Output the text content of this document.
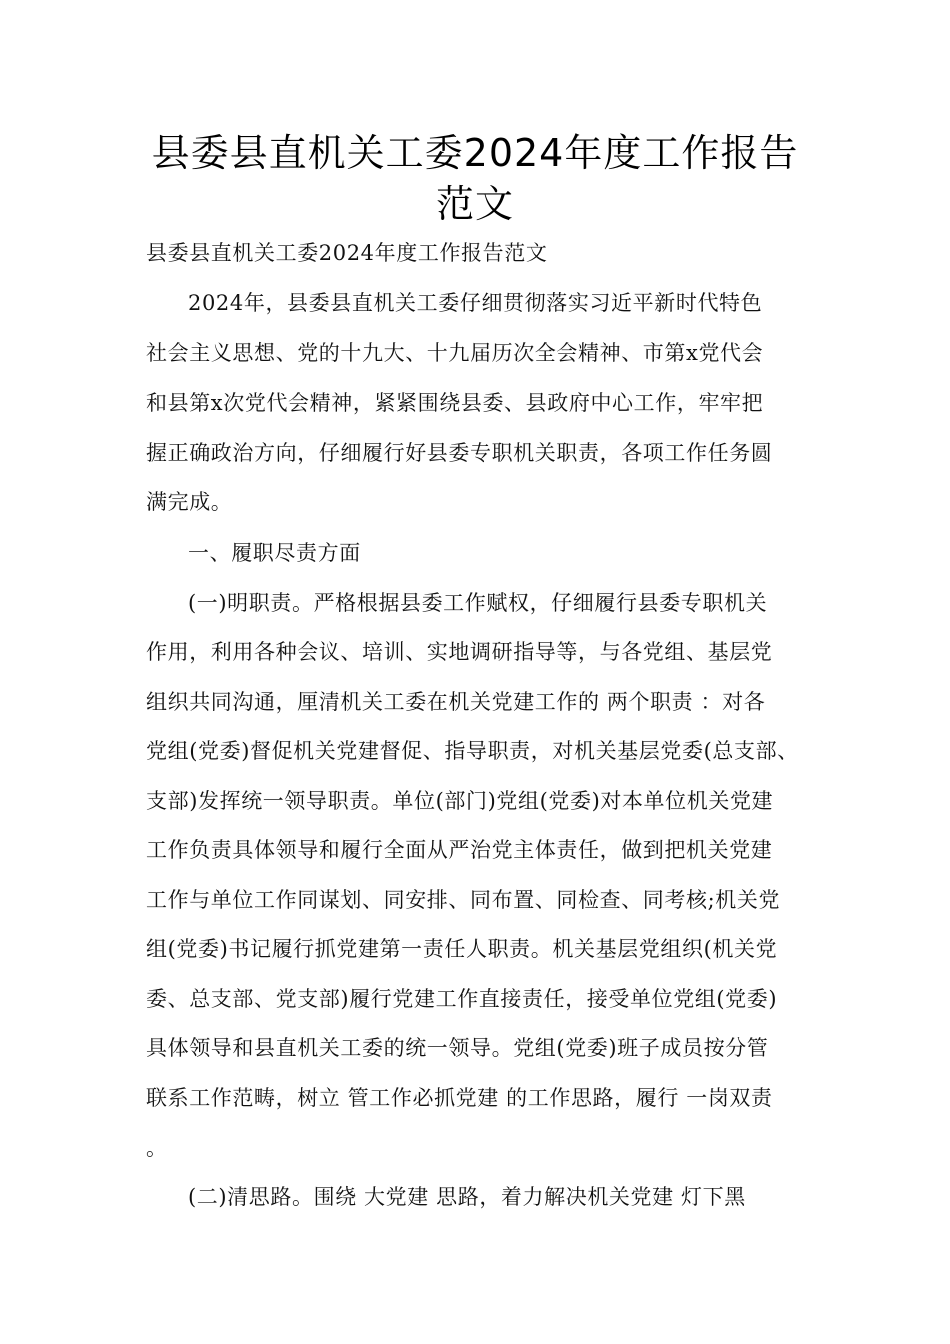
县委县直机关工委2024年度工作报告
范文
县委县直机关工委2024年度工作报告范文
2024年，县委县直机关工委仔细贯彻落实习近平新时代特色
社会主义思想、党的十九大、十九届历次全会精神、市第x党代会
和县第x次党代会精神，紧紧围绕县委、县政府中心工作，牢牢把
握正确政治方向，仔细履行好县委专职机关职责，各项工作任务圆
满完成。
一、履职尽责方面
(一)明职责。严格根据县委工作赋权，仔细履行县委专职机关
作用，利用各种会议、培训、实地调研指导等，与各党组、基层党
组织共同沟通，厘清机关工委在机关党建工作的 两个职责 ：对各
党组(党委)督促机关党建督促、指导职责，对机关基层党委(总支部、
支部)发挥统一领导职责。单位(部门)党组(党委)对本单位机关党建
工作负责具体领导和履行全面从严治党主体责任，做到把机关党建
工作与单位工作同谋划、同安排、同布置、同检查、同考核;机关党
组(党委)书记履行抓党建第一责任人职责。机关基层党组织(机关党
委、总支部、党支部)履行党建工作直接责任，接受单位党组(党委)
具体领导和县直机关工委的统一领导。党组(党委)班子成员按分管
联系工作范畴，树立 管工作必抓党建 的工作思路，履行 一岗双责
。
(二)清思路。围绕 大党建 思路，着力解决机关党建 灯下黑
